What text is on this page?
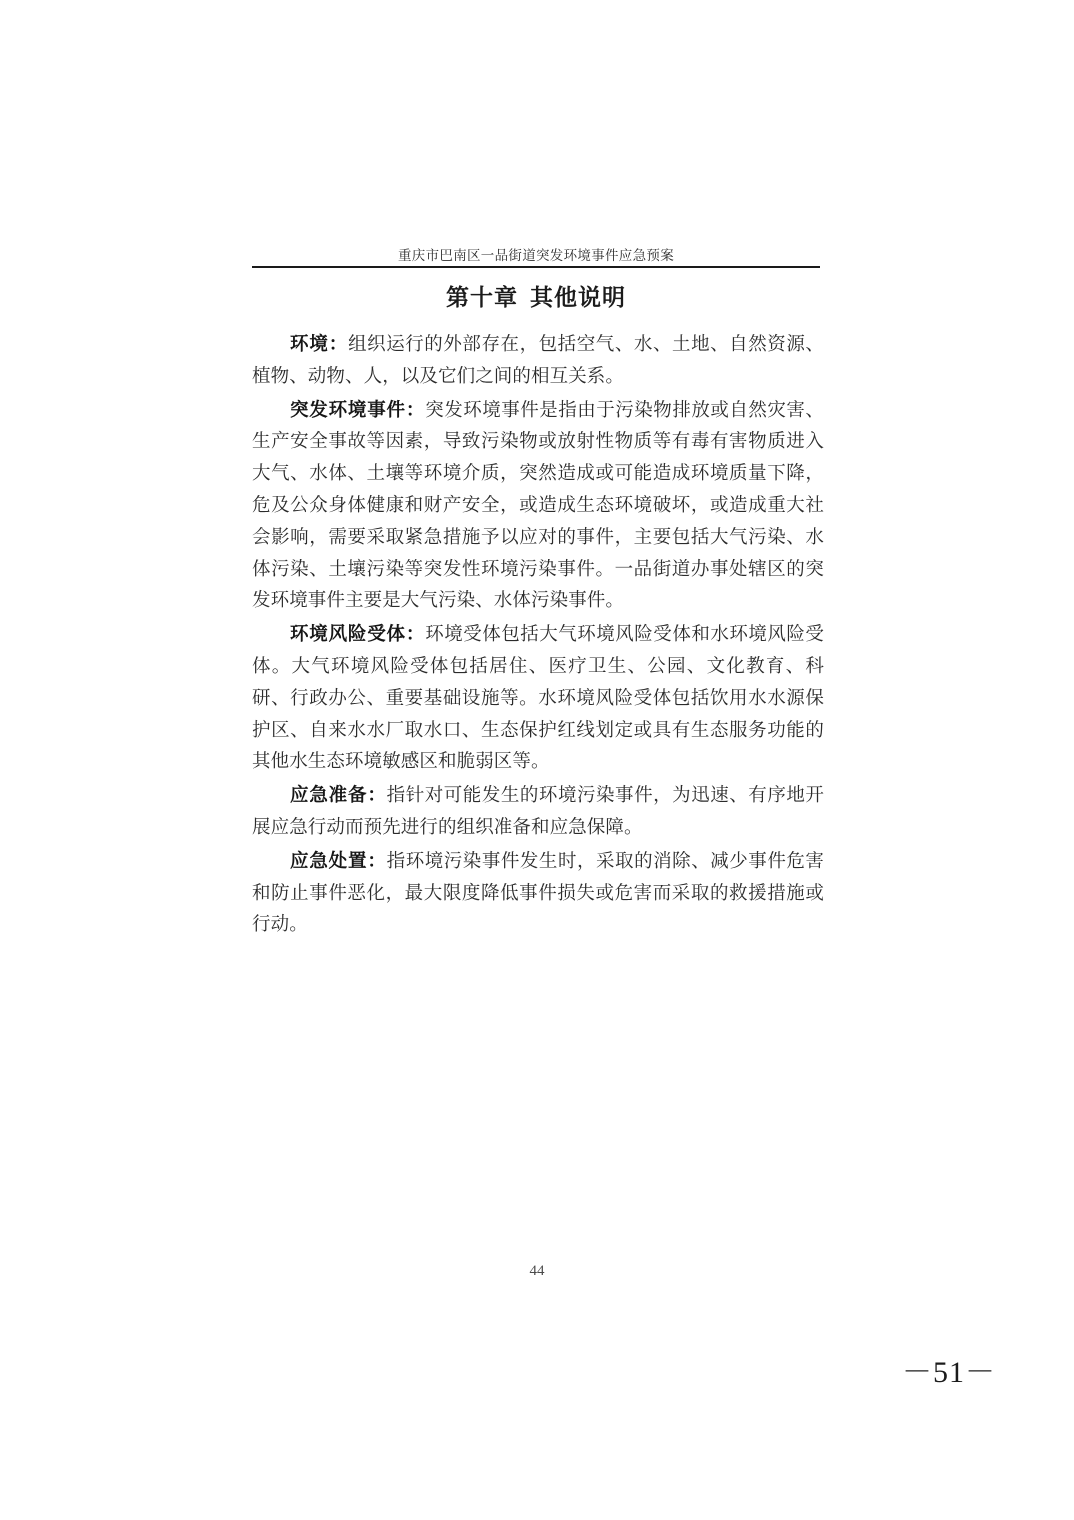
重庆市巴南区一品街道突发环境事件应急预案
第十章 其他说明

环境：组织运行的外部存在，包括空气、水、土地、自然资源、植物、动物、人，以及它们之间的相互关系。

突发环境事件：突发环境事件是指由于污染物排放或自然灾害、生产安全事故等因素，导致污染物或放射性物质等有毒有害物质进入大气、水体、土壤等环境介质，突然造成或可能造成环境质量下降，危及公众身体健康和财产安全，或造成生态环境破坏，或造成重大社会影响，需要采取紧急措施予以应对的事件，主要包括大气污染、水体污染、土壤污染等突发性环境污染事件。一品街道办事处辖区的突发环境事件主要是大气污染、水体污染事件。

环境风险受体：环境受体包括大气环境风险受体和水环境风险受体。大气环境风险受体包括居住、医疗卫生、公园、文化教育、科研、行政办公、重要基础设施等。水环境风险受体包括饮用水水源保护区、自来水水厂取水口、生态保护红线划定或具有生态服务功能的其他水生态环境敏感区和脆弱区等。

应急准备：指针对可能发生的环境污染事件，为迅速、有序地开展应急行动而预先进行的组织准备和应急保障。

应急处置：指环境污染事件发生时，采取的消除、减少事件危害和防止事件恶化，最大限度降低事件损失或危害而采取的救援措施或行动。

44
－51－
